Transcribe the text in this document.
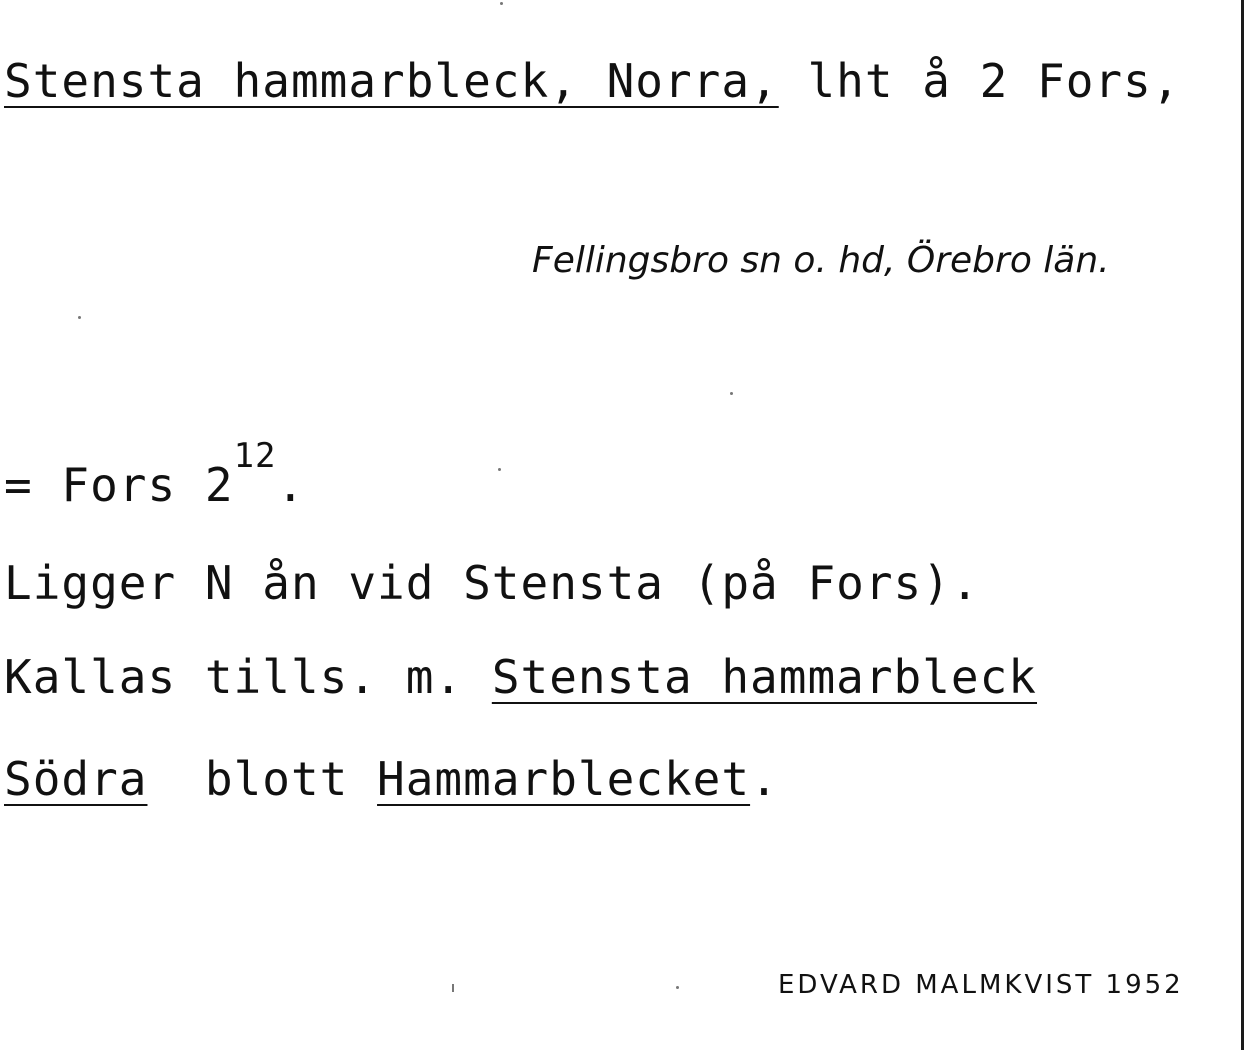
Stensta hammarbleck, Norra, lht å 2 Fors,
Fellingsbro sn o. hd, Örebro län.
= Fors $2^{12}$.
Ligger N ån vid Stensta (på Fors).
Kallas tills. m. Stensta hammarbleck
Södra  blott Hammarblecket.
EDVARD MALMKVIST 1952
